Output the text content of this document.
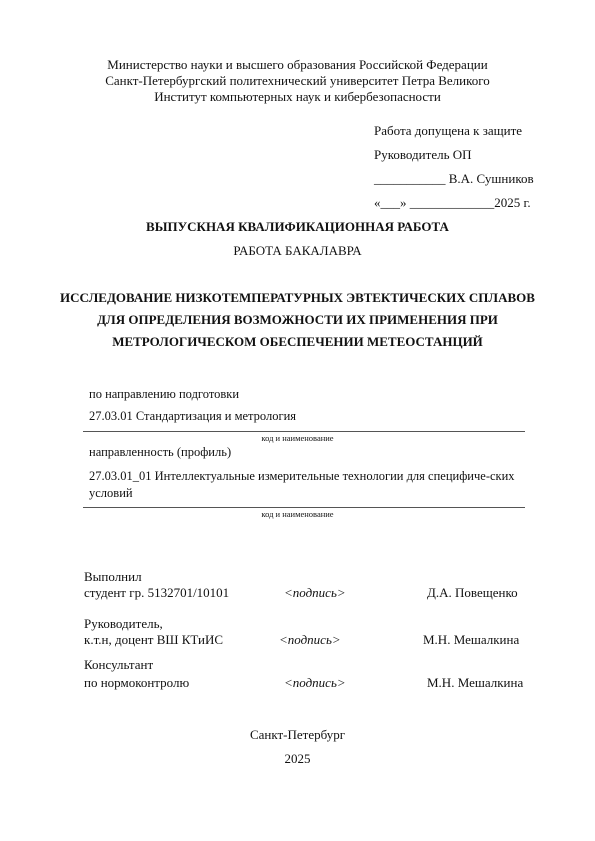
Министерство науки и высшего образования Российской Федерации
Санкт-Петербургский политехнический университет Петра Великого
Институт компьютерных наук и кибербезопасности
Работа допущена к защите
Руководитель ОП
___________ В.А. Сушников
«___» _____________2025 г.
ВЫПУСКНАЯ КВАЛИФИКАЦИОННАЯ РАБОТА
РАБОТА БАКАЛАВРА
ИССЛЕДОВАНИЕ НИЗКОТЕМПЕРАТУРНЫХ ЭВТЕКТИЧЕСКИХ СПЛАВОВ ДЛЯ ОПРЕДЕЛЕНИЯ ВОЗМОЖНОСТИ ИХ ПРИМЕНЕНИЯ ПРИ МЕТРОЛОГИЧЕСКОМ ОБЕСПЕЧЕНИИ МЕТЕОСТАНЦИЙ
по направлению подготовки
27.03.01 Стандартизация и метрология
код и наименование
направленность (профиль)
27.03.01_01 Интеллектуальные измерительные технологии для специфиче-ских условий
код и наименование
Выполнил
студент гр. 5132701/10101	<подпись>	Д.А. Повещенко
Руководитель,
к.т.н, доцент ВШ КТиИС	<подпись>	М.Н. Мешалкина
Консультант
по нормоконтролю	<подпись>	М.Н. Мешалкина
Санкт-Петербург
2025
